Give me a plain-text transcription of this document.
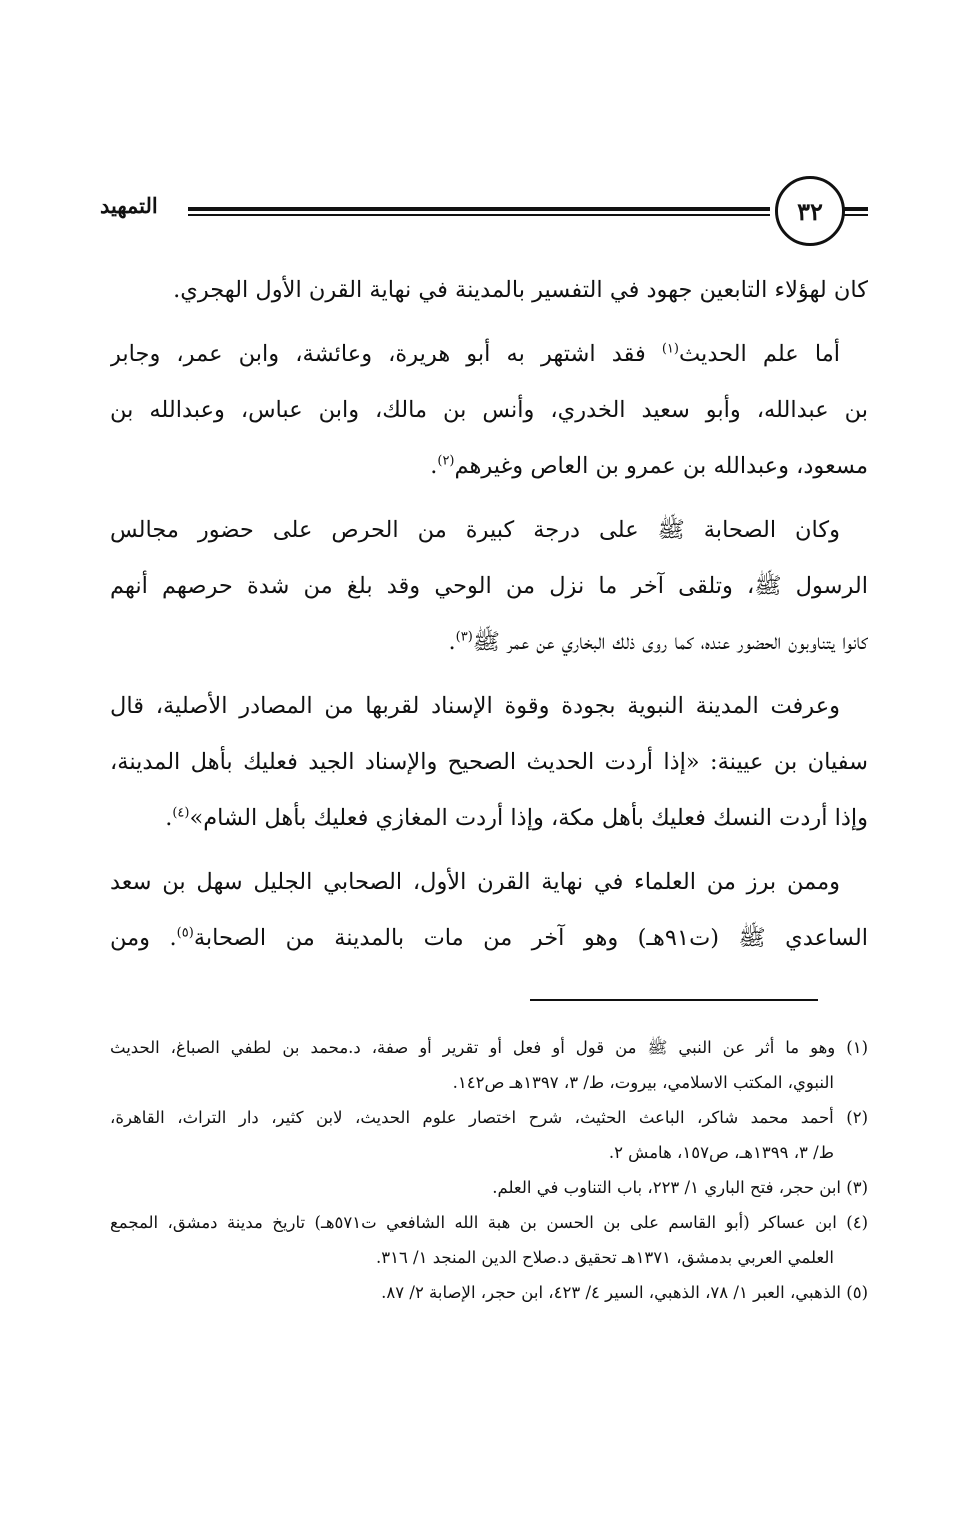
التمهيد	٣٢
كان لهؤلاء التابعين جهود في التفسير بالمدينة في نهاية القرن الأول الهجري.
أما علم الحديث$^{(١)}$ فقد اشتهر به أبو هريرة، وعائشة، وابن عمر، وجابر
بن عبدالله، وأبو سعيد الخدري، وأنس بن مالك، وابن عباس، وعبدالله بن
مسعود، وعبدالله بن عمرو بن العاص وغيرهم$^{(٢)}$.
وكان الصحابة ﷺ على درجة كبيرة من الحرص على حضور مجالس
الرسول ﷺ، وتلقى آخر ما نزل من الوحي وقد بلغ من شدة حرصهم أنهم
كانوا يتناوبون الحضور عنده، كما روى ذلك البخاري عن عمر ﷺ$^{(٣)}$.
وعرفت المدينة النبوية بجودة وقوة الإسناد لقربها من المصادر الأصلية، قال
سفيان بن عيينة: «إذا أردت الحديث الصحيح والإسناد الجيد فعليك بأهل المدينة،
وإذا أردت النسك فعليك بأهل مكة، وإذا أردت المغازي فعليك بأهل الشام»$^{(٤)}$.
وممن برز من العلماء في نهاية القرن الأول، الصحابي الجليل سهل بن سعد
الساعدي ﷺ (ت٩١هـ) وهو آخر من مات بالمدينة من الصحابة$^{(٥)}$. ومن
(١) وهو ما أثر عن النبي ﷺ من قول أو فعل أو تقرير أو صفة، د.محمد بن لطفي الصباغ، الحديث
النبوي، المكتب الاسلامي، بيروت، ط/ ٣، ١٣٩٧هـ ص١٤٢.
(٢) أحمد محمد شاكر، الباعث الحثيث، شرح اختصار علوم الحديث، لابن كثير، دار التراث، القاهرة،
ط/ ٣، ١٣٩٩هـ، ص١٥٧، هامش ٢.
(٣) ابن حجر، فتح الباري ١/ ٢٢٣، باب التناوب في العلم.
(٤) ابن عساكر (أبو القاسم على بن الحسن بن هبة الله الشافعي ت٥٧١هـ) تاريخ مدينة دمشق، المجمع
العلمي العربي بدمشق، ١٣٧١هـ تحقيق د.صلاح الدين المنجد ١/ ٣١٦.
(٥) الذهبي، العبر ١/ ٧٨، الذهبي، السير ٤/ ٤٢٣، ابن حجر، الإصابة ٢/ ٨٧.
